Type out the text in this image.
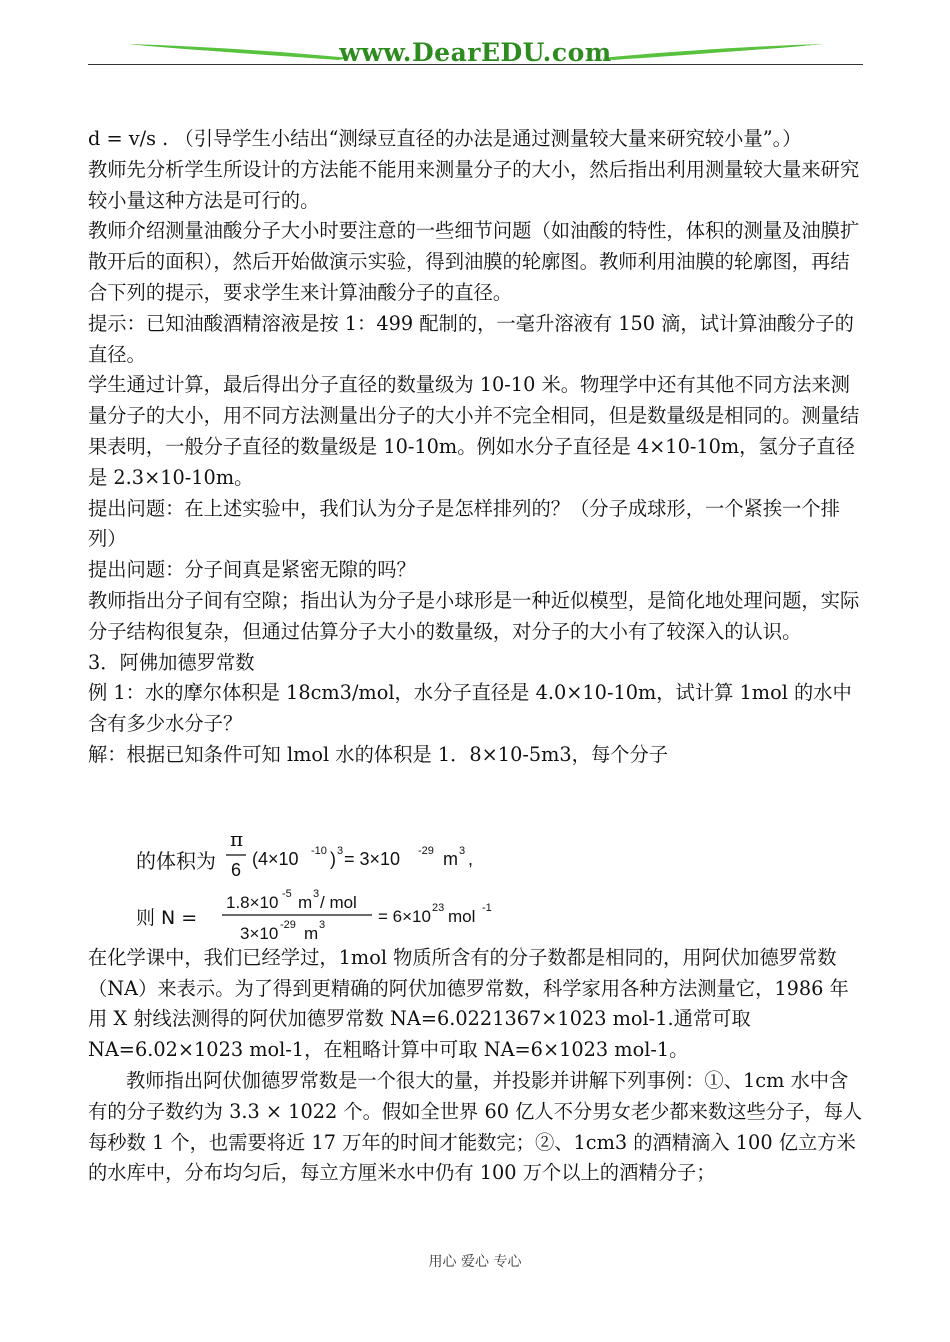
www.DearEDU.com

d = v/s . （引导学生小结出“测绿豆直径的办法是通过测量较大量来研究较小量”。）

教师先分析学生所设计的方法能不能用来测量分子的大小，然后指出利用测量较大量来研究较小量这种方法是可行的。

教师介绍测量油酸分子大小时要注意的一些细节问题（如油酸的特性，体积的测量及油膜扩散开后的面积），然后开始做演示实验，得到油膜的轮廓图。教师利用油膜的轮廓图，再结合下列的提示，要求学生来计算油酸分子的直径。

提示：已知油酸酒精溶液是按 1：499 配制的，一毫升溶液有 150 滴，试计算油酸分子的直径。

学生通过计算，最后得出分子直径的数量级为 10-10 米。物理学中还有其他不同方法来测量分子的大小，用不同方法测量出分子的大小并不完全相同，但是数量级是相同的。测量结果表明，一般分子直径的数量级是 10-10m。例如水分子直径是 4×10-10m，氢分子直径是 2.3×10-10m。

提出问题：在上述实验中，我们认为分子是怎样排列的？（分子成球形，一个紧挨一个排列）

提出问题：分子间真是紧密无隙的吗？

教师指出分子间有空隙；指出认为分子是小球形是一种近似模型，是简化地处理问题，实际分子结构很复杂，但通过估算分子大小的数量级，对分子的大小有了较深入的认识。

3．阿佛加德罗常数

例 1：水的摩尔体积是 18cm3/mol，水分子直径是 4.0×10-10m，试计算 1mol 的水中含有多少水分子？

解：根据已知条件可知 lmol 水的体积是 1．8×10-5m3，每个分子

在化学课中，我们已经学过，1mol 物质所含有的分子数都是相同的，用阿伏加德罗常数（NA）来表示。为了得到更精确的阿伏加德罗常数，科学家用各种方法测量它，1986 年用 X 射线法测得的阿伏加德罗常数 NA=6.0221367×1023 mol-1.通常可取 NA=6.02×1023 mol-1，在粗略计算中可取 NA=6×1023 mol-1。

教师指出阿伏伽德罗常数是一个很大的量，并投影并讲解下列事例：①、1cm 水中含有的分子数约为 3.3 × 1022 个。假如全世界 60 亿人不分男女老少都来数这些分子，每人每秒数 1 个，也需要将近 17 万年的时间才能数完；②、1cm3 的酒精滴入 100 亿立方米的水库中，分布均匀后，每立方厘米水中仍有 100 万个以上的酒精分子；

的体积为
π
6
(4×10 -10 ) 3 = 3×10 -29 m 3 ,
则 N =
1.8×10 -5 m 3 / mol
3×10 -29 m 3	= 6×10 23 mol -1
用心 爱心 专心
